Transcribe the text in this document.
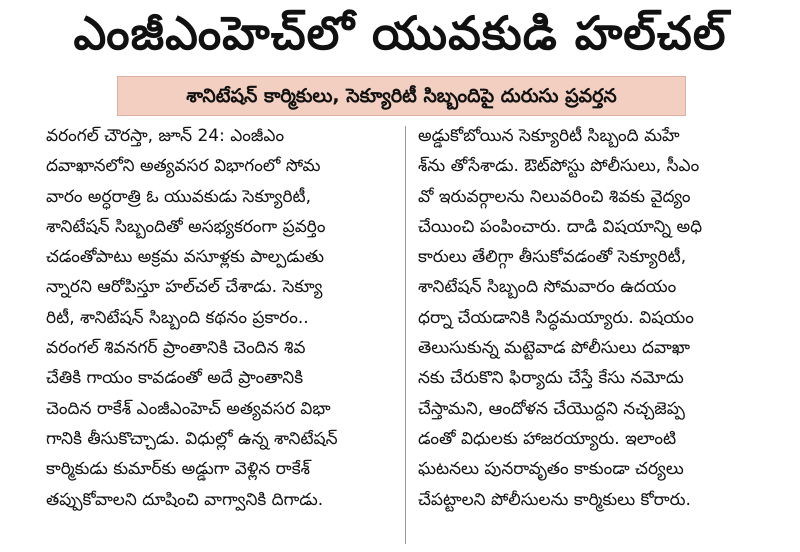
ఎంజీఎంహెచ్‌లో యువకుడి హల్‌చల్‌
శానిటేషన్‌ కార్మికులు, సెక్యూరిటీ సిబ్బందిపై దురుసు ప్రవర్తన
వరంగల్‌ చౌరస్తా, జూన్‌ 24: ఎంజీఎం
దవాఖానలోని అత్యవసర విభాగంలో సోమ
వారం అర్ధరాత్రి ఓ యువకుడు సెక్యూరిటీ,
శానిటేషన్‌ సిబ్బందితో అసభ్యకరంగా ప్రవర్తిం
చడంతోపాటు అక్రమ వసూళ్లకు పాల్పడుతు
న్నారని ఆరోపిస్తూ హల్‌చల్‌ చేశాడు. సెక్యూ
రిటీ, శానిటేషన్‌ సిబ్బంది కథనం ప్రకారం..
వరంగల్‌ శివనగర్‌ ప్రాంతానికి చెందిన శివ
చేతికి గాయం కావడంతో అదే ప్రాంతానికి
చెందిన రాకేశ్‌ ఎంజీఎంహెచ్‌ అత్యవసర విభా
గానికి తీసుకొచ్చాడు. విధుల్లో ఉన్న శానిటేషన్‌
కార్మికుడు కుమార్‌కు అడ్డుగా వెళ్లిన రాకేశ్‌
తప్పుకోవాలని దూషించి వాగ్వానికి దిగాడు.
అడ్డుకోబోయిన సెక్యూరిటీ సిబ్బంది మహే
శ్‌ను తోసేశాడు. ఔట్‌పోస్టు పోలీసులు, సీఎం
వో ఇరువర్గాలను నిలువరించి శివకు వైద్యం
చేయించి పంపించారు. దాడి విషయాన్ని అధి
కారులు తేలిగ్గా తీసుకోవడంతో సెక్యూరిటీ,
శానిటేషన్‌ సిబ్బంది సోమవారం ఉదయం
ధర్నా చేయడానికి సిద్ధమయ్యారు. విషయం
తెలుసుకున్న మట్టెవాడ పోలీసులు దవాఖా
నకు చేరుకొని ఫిర్యాదు చేస్తే కేసు నమోదు
చేస్తామని, ఆందోళన చేయొద్దని నచ్చజెప్ప
డంతో విధులకు హాజరయ్యారు. ఇలాంటి
ఘటనలు పునరావృతం కాకుండా చర్యలు
చేపట్టాలని పోలీసులను కార్మికులు కోరారు.
